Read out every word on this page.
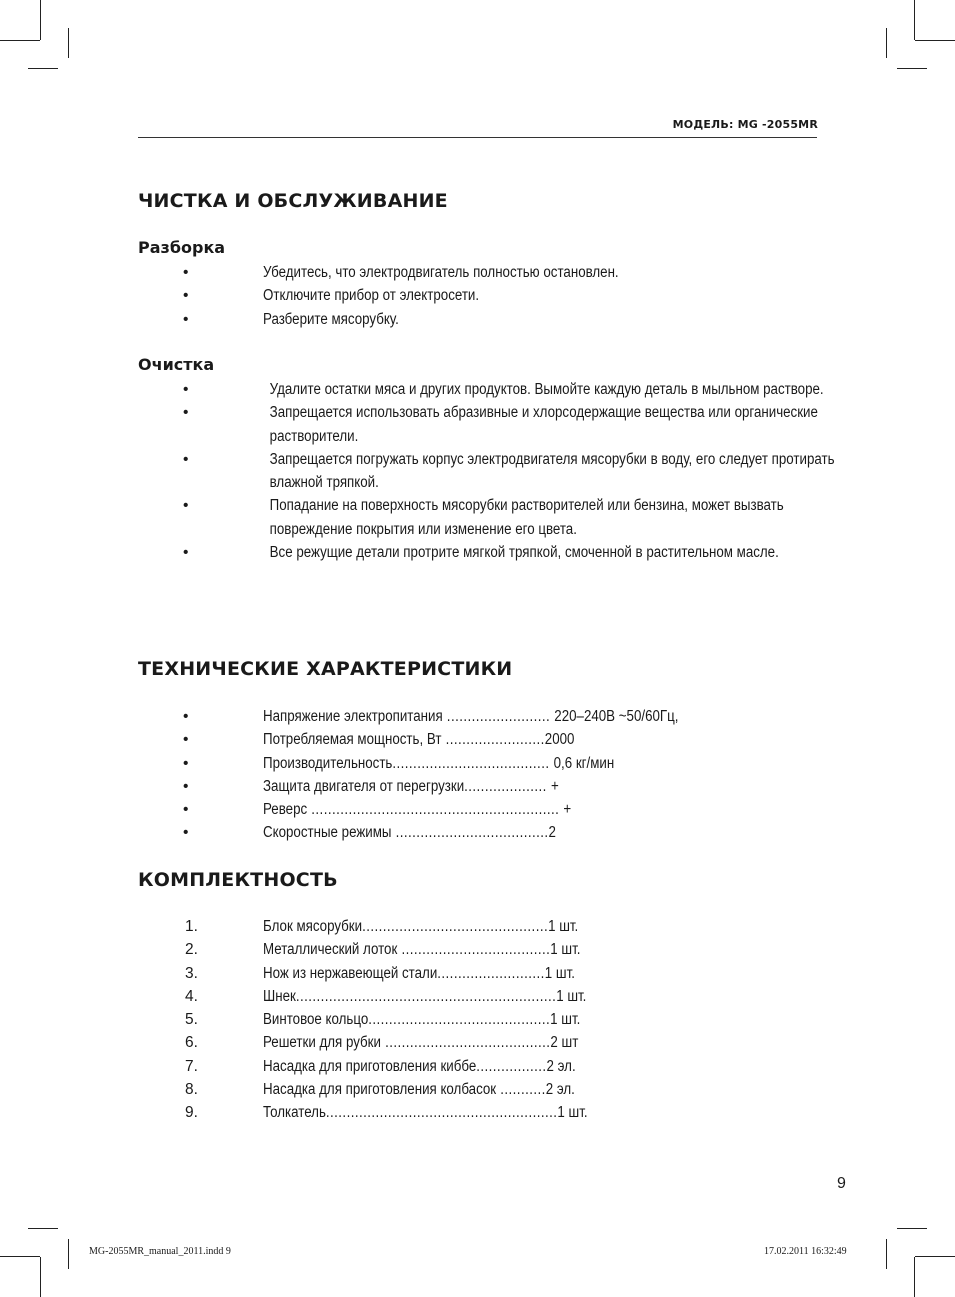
МОДЕЛЬ: MG -2055MR
ЧИСТКА И ОБСЛУЖИВАНИЕ
Разборка
•	Убедитесь, что электродвигатель полностью остановлен.
•	Отключите прибор от электросети.
•	Разберите мясорубку.
Очистка
•	Удалите остатки мяса и других продуктов. Вымойте каждую деталь в мыльном растворе.
•	Запрещается использовать абразивные и хлорсодержащие вещества или органические растворители.
•	Запрещается погружать корпус электродвигателя мясорубки в воду, его следует протирать влажной тряпкой.
•	Попадание на поверхность мясорубки растворителей или бензина, может вызвать повреждение покрытия или изменение его цвета.
•	Все режущие детали протрите мягкой тряпкой, смоченной в растительном масле.
ТЕХНИЧЕСКИЕ ХАРАКТЕРИСТИКИ
•	Напряжение электропитания ......................... 220–240В ~50/60Гц,
•	Потребляемая мощность, Вт ........................2000
•	Производительность...................................... 0,6 кг/мин
•	Защита двигателя от перегрузки.................... +
•	Реверс ............................................................ +
•	Скоростные режимы .....................................2
КОМПЛЕКТНОСТЬ
1.	Блок мясорубки.............................................1 шт.
2.	Металлический лоток ....................................1 шт.
3.	Нож из нержавеющей стали..........................1 шт.
4.	Шнек...............................................................1 шт.
5.	Винтовое кольцо............................................1 шт.
6.	Решетки для рубки ........................................2 шт
7.	Насадка для приготовления киббе.................2 эл.
8.	Насадка для приготовления колбасок ...........2 эл.
9.	Толкатель........................................................1 шт.
9
MG-2055MR_manual_2011.indd 9	17.02.2011 16:32:49
